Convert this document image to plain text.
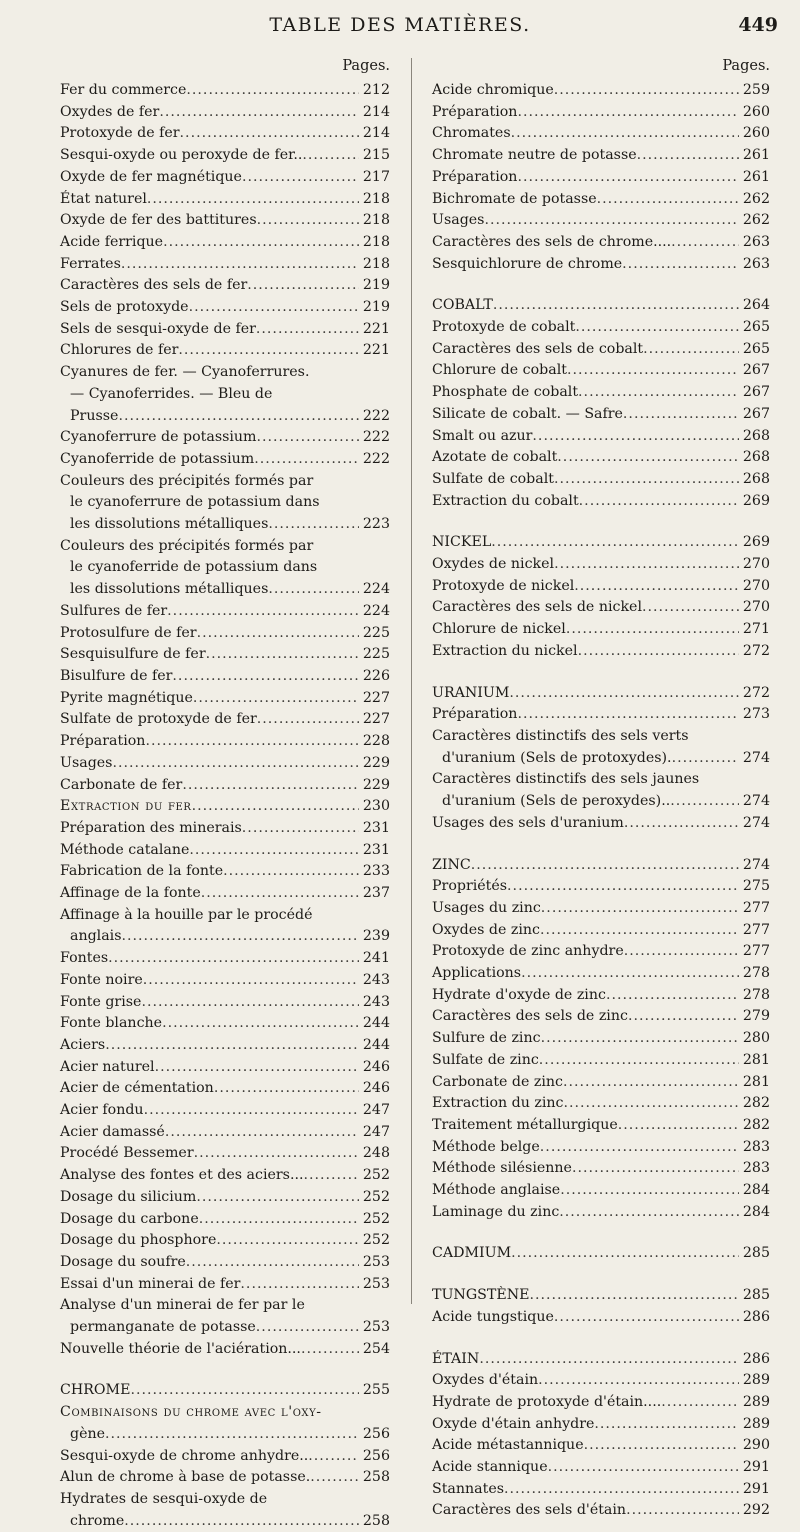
TABLE DES MATIÈRES.	449
Pages.
Fer du commerce .....	212
Oxydes de fer .....	214
Protoxyde de fer .....	214
Sesqui-oxyde ou peroxyde de fer.. .....	215
Oxyde de fer magnétique .....	217
État naturel .....	218
Oxyde de fer des battitures .....	218
Acide ferrique .....	218
Ferrates .....	218
Caractères des sels de fer .....	219
Sels de protoxyde .....	219
Sels de sesqui-oxyde de fer .....	221
Chlorures de fer .....	221
Cyanures de fer. — Cyanoferrures.
— Cyanoferrides. — Bleu de
Prusse .....	222
Cyanoferrure de potassium .....	222
Cyanoferride de potassium .....	222
Couleurs des précipités formés par
le cyanoferrure de potassium dans
les dissolutions métalliques .....	223
Couleurs des précipités formés par
le cyanoferride de potassium dans
les dissolutions métalliques .....	224
Sulfures de fer .....	224
Protosulfure de fer .....	225
Sesquisulfure de fer .....	225
Bisulfure de fer .....	226
Pyrite magnétique .....	227
Sulfate de protoxyde de fer .....	227
Préparation .....	228
Usages .....	229
Carbonate de fer .....	229
Extraction du fer .....	230
Préparation des minerais .....	231
Méthode catalane .....	231
Fabrication de la fonte .....	233
Affinage de la fonte .....	237
Affinage à la houille par le procédé
anglais .....	239
Fontes .....	241
Fonte noire .....	243
Fonte grise .....	243
Fonte blanche .....	244
Aciers .....	244
Acier naturel .....	246
Acier de cémentation .....	246
Acier fondu .....	247
Acier damassé .....	247
Procédé Bessemer .....	248
Analyse des fontes et des aciers... .....	252
Dosage du silicium .....	252
Dosage du carbone .....	252
Dosage du phosphore .....	252
Dosage du soufre .....	253
Essai d'un minerai de fer .....	253
Analyse d'un minerai de fer par le
permanganate de potasse .....	253
Nouvelle théorie de l'aciération... .....	254
CHROME .....	255
Combinaisons du chrome avec l'oxy-
gène .....	256
Sesqui-oxyde de chrome anhydre.. .....	256
Alun de chrome à base de potasse. .....	258
Hydrates de sesqui-oxyde de
chrome .....	258
Pages.
Acide chromique .....	259
Préparation .....	260
Chromates .....	260
Chromate neutre de potasse .....	261
Préparation .....	261
Bichromate de potasse .....	262
Usages .....	262
Caractères des sels de chrome.... .....	263
Sesquichlorure de chrome .....	263
COBALT .....	264
Protoxyde de cobalt .....	265
Caractères des sels de cobalt .....	265
Chlorure de cobalt .....	267
Phosphate de cobalt .....	267
Silicate de cobalt. — Safre .....	267
Smalt ou azur .....	268
Azotate de cobalt .....	268
Sulfate de cobalt .....	268
Extraction du cobalt .....	269
NICKEL .....	269
Oxydes de nickel .....	270
Protoxyde de nickel .....	270
Caractères des sels de nickel .....	270
Chlorure de nickel .....	271
Extraction du nickel .....	272
URANIUM .....	272
Préparation .....	273
Caractères distinctifs des sels verts
d'uranium (Sels de protoxydes). .....	274
Caractères distinctifs des sels jaunes
d'uranium (Sels de peroxydes).. .....	274
Usages des sels d'uranium .....	274
ZINC .....	274
Propriétés .....	275
Usages du zinc .....	277
Oxydes de zinc .....	277
Protoxyde de zinc anhydre .....	277
Applications .....	278
Hydrate d'oxyde de zinc .....	278
Caractères des sels de zinc .....	279
Sulfure de zinc .....	280
Sulfate de zinc .....	281
Carbonate de zinc .....	281
Extraction du zinc .....	282
Traitement métallurgique .....	282
Méthode belge .....	283
Méthode silésienne .....	283
Méthode anglaise .....	284
Laminage du zinc .....	284
CADMIUM .....	285
TUNGSTÈNE .....	285
Acide tungstique .....	286
ÉTAIN .....	286
Oxydes d'étain .....	289
Hydrate de protoxyde d'étain.... .....	289
Oxyde d'étain anhydre .....	289
Acide métastannique .....	290
Acide stannique .....	291
Stannates .....	291
Caractères des sels d'étain .....	292
